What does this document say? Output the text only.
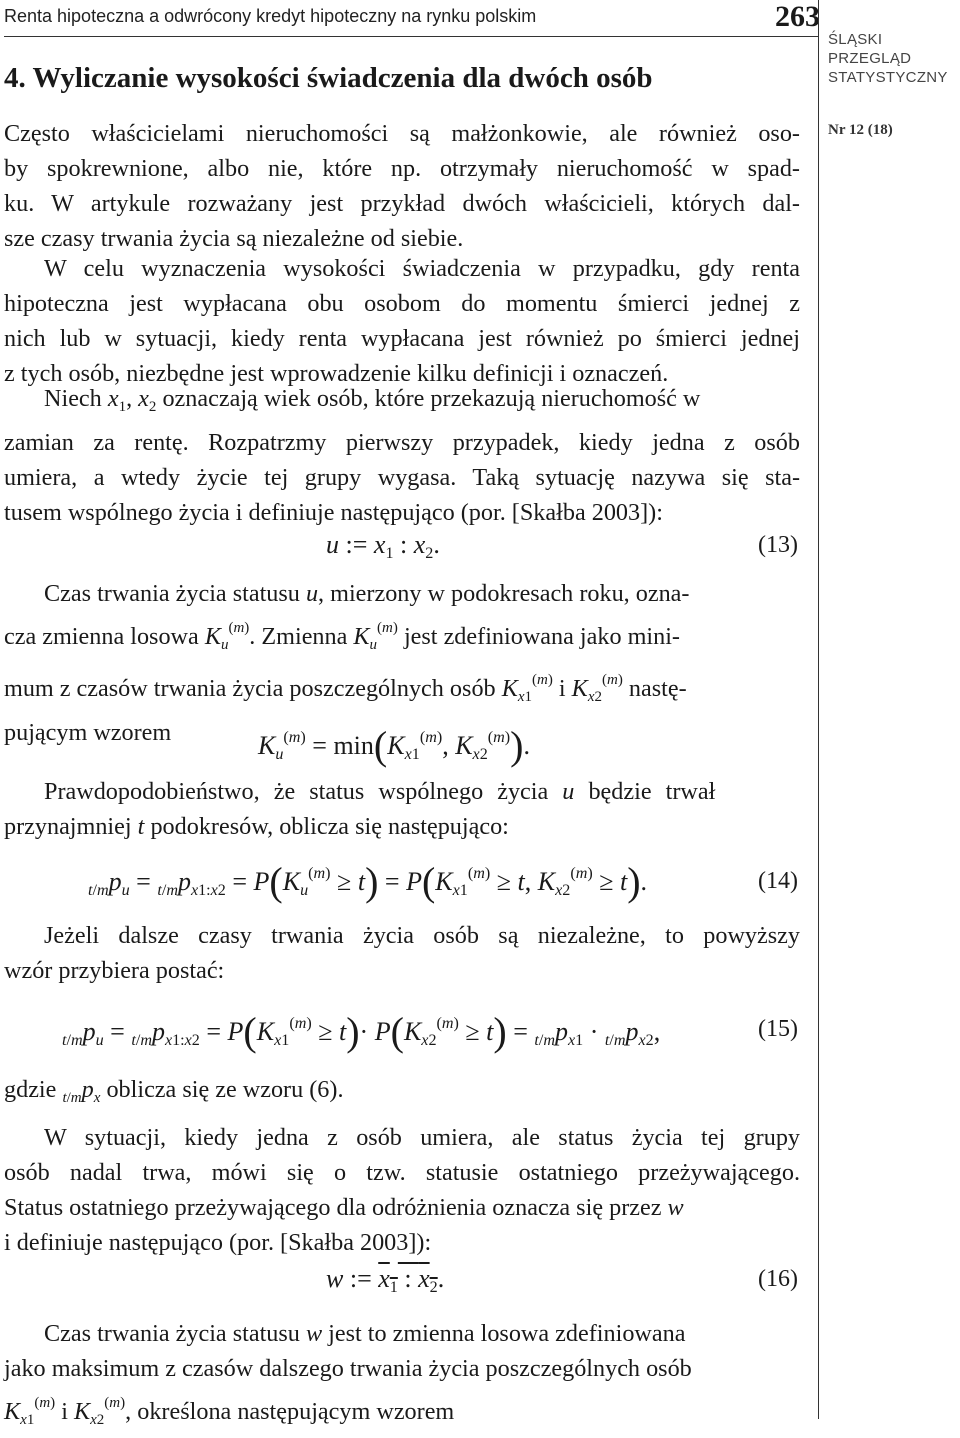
Renta hipoteczna a odwrócony kredyt hipoteczny na rynku polskim	263
ŚLĄSKI
PRZEGLĄD
STATYSTYCZNY
Nr 12 (18)
4. Wyliczanie wysokości świadczenia dla dwóch osób
Często właścicielami nieruchomości są małżonkowie, ale również oso-
by spokrewnione, albo nie, które np. otrzymały nieruchomość w spad-
ku. W artykule rozważany jest przykład dwóch właścicieli, których dal-
sze czasy trwania życia są niezależne od siebie.
W celu wyznaczenia wysokości świadczenia w przypadku, gdy renta
hipoteczna jest wypłacana obu osobom do momentu śmierci jednej z
nich lub w sytuacji, kiedy renta wypłacana jest również po śmierci jednej
z tych osób, niezbędne jest wprowadzenie kilku definicji i oznaczeń.
Niech $x_1$, $x_2$ oznaczają wiek osób, które przekazują nieruchomość w
zamian za rentę. Rozpatrzmy pierwszy przypadek, kiedy jedna z osób
umiera, a wtedy życie tej grupy wygasa. Taką sytuację nazywa się sta-
tusem wspólnego życia i definiuje następująco (por. [Skałba 2003]):
u := $x_1$ : $x_2$.	(13)
Czas trwania życia statusu u, mierzony w podokresach roku, ozna-
cza zmienna losowa $K_u^{(m)}$. Zmienna $K_u^{(m)}$ jest zdefiniowana jako mini-
mum z czasów trwania życia poszczególnych osób $K_{x1}^{(m)}$ i $K_{x2}^{(m)}$ nastę-
pującym wzorem	$K_u^{(m)} = \min(K_{x1}^{(m)}$, $K_{x2}^{(m)}$).
Prawdopodobieństwo, że status wspólnego życia u będzie trwał
przynajmniej t podokresów, oblicza się następująco:
$_{t/m}p_u = _{t/m}p_{x1:x2} = P(K_u^{(m)} \ge t) = P(K_{x1}^{(m)} \ge t$, $K_{x2}^{(m)} \ge t$).	(14)
Jeżeli dalsze czasy trwania życia osób są niezależne, to powyższy
wzór przybiera postać:
$_{t/m}p_u = _{t/m}p_{x1:x2} = P(K_{x1}^{(m)} \ge t)\cdot P(K_{x2}^{(m)} \ge t) = _{t/m}p_{x1} \cdot _{t/m}p_{x2}$,	(15)
gdzie $_{t/m}p_x$ oblicza się ze wzoru (6).
W sytuacji, kiedy jedna z osób umiera, ale status życia tej grupy
osób nadal trwa, mówi się o tzw. statusie ostatniego przeżywającego.
Status ostatniego przeżywającego dla odróżnienia oznacza się przez w
i definiuje następująco (por. [Skałba 2003]):
w := $x_1$ : $x_2$.	(16)
Czas trwania życia statusu w jest to zmienna losowa zdefiniowana
jako maksimum z czasów dalszego trwania życia poszczególnych osób
$K_{x1}^{(m)}$ i $K_{x2}^{(m)}$, określona następującym wzorem
